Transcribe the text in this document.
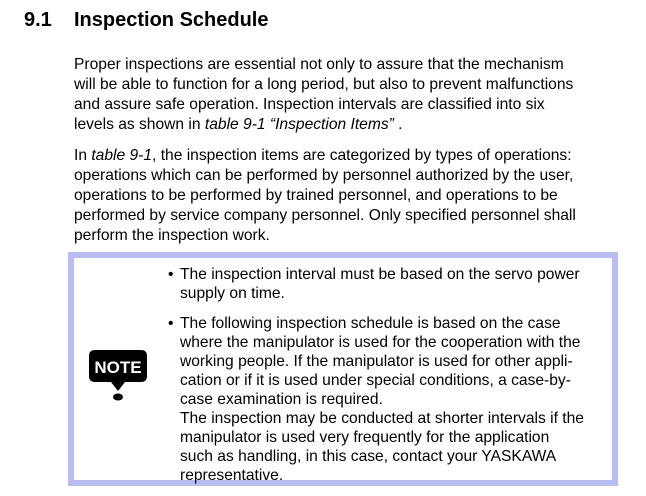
9.1 Inspection Schedule
Proper inspections are essential not only to assure that the mechanism
will be able to function for a long period, but also to prevent malfunctions
and assure safe operation. Inspection intervals are classified into six
levels as shown in table 9-1 “Inspection Items” .
In table 9-1, the inspection items are categorized by types of operations:
operations which can be performed by personnel authorized by the user,
operations to be performed by trained personnel, and operations to be
performed by service company personnel. Only specified personnel shall
perform the inspection work.
NOTE
• The inspection interval must be based on the servo power
supply on time.
• The following inspection schedule is based on the case
where the manipulator is used for the cooperation with the
working people. If the manipulator is used for other appli-
cation or if it is used under special conditions, a case-by-
case examination is required.
The inspection may be conducted at shorter intervals if the
manipulator is used very frequently for the application
such as handling, in this case, contact your YASKAWA
representative.
